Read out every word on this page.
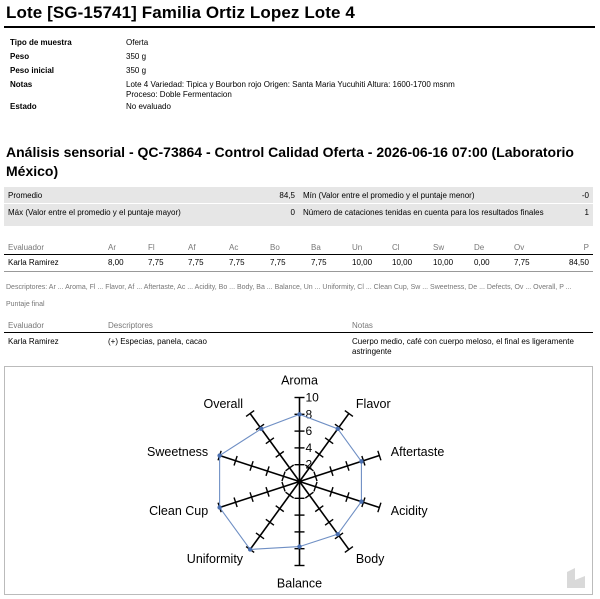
Lote [SG-15741] Familia Ortiz Lopez Lote 4
Tipo de muestra	Oferta
Peso	350 g
Peso inicial	350 g
Notas	Lote 4 Variedad: Tipica y Bourbon rojo Origen: Santa Maria Yucuhiti Altura: 1600-1700 msnm Proceso: Doble Fermentacion
Estado	No evaluado
Análisis sensorial - QC-73864 - Control Calidad Oferta - 2026-06-16 07:00 (Laboratorio México)
Promedio	84,5 Mín (Valor entre el promedio y el puntaje menor)	-0
Máx (Valor entre el promedio y el puntaje mayor)	0 Número de cataciones tenidas en cuenta para los resultados finales	1
Evaluador	Ar	Fl	Af	Ac	Bo	Ba	Un	Cl	Sw	De	Ov	P
Karla Ramirez	8,00	7,75	7,75	7,75	7,75	7,75	10,00 10,00	10,00	0,00	7,75	84,50
Descriptores: Ar ... Aroma, Fl ... Flavor, Af ... Aftertaste, Ac ... Acidity, Bo ... Body, Ba ... Balance, Un ... Uniformity, Cl ... Clean Cup, Sw ... Sweetness, De ... Defects, Ov ... Overall, P ... Puntaje final
Evaluador	Descriptores	Notas
Karla Ramirez	(+) Especias, panela, cacao	Cuerpo medio, café con cuerpo meloso, el final es ligeramente astringente
2
4
6
8
10
Aroma
Flavor
Aftertaste
Acidity
Body
Balance
Uniformity
Clean Cup
Sweetness
Overall
